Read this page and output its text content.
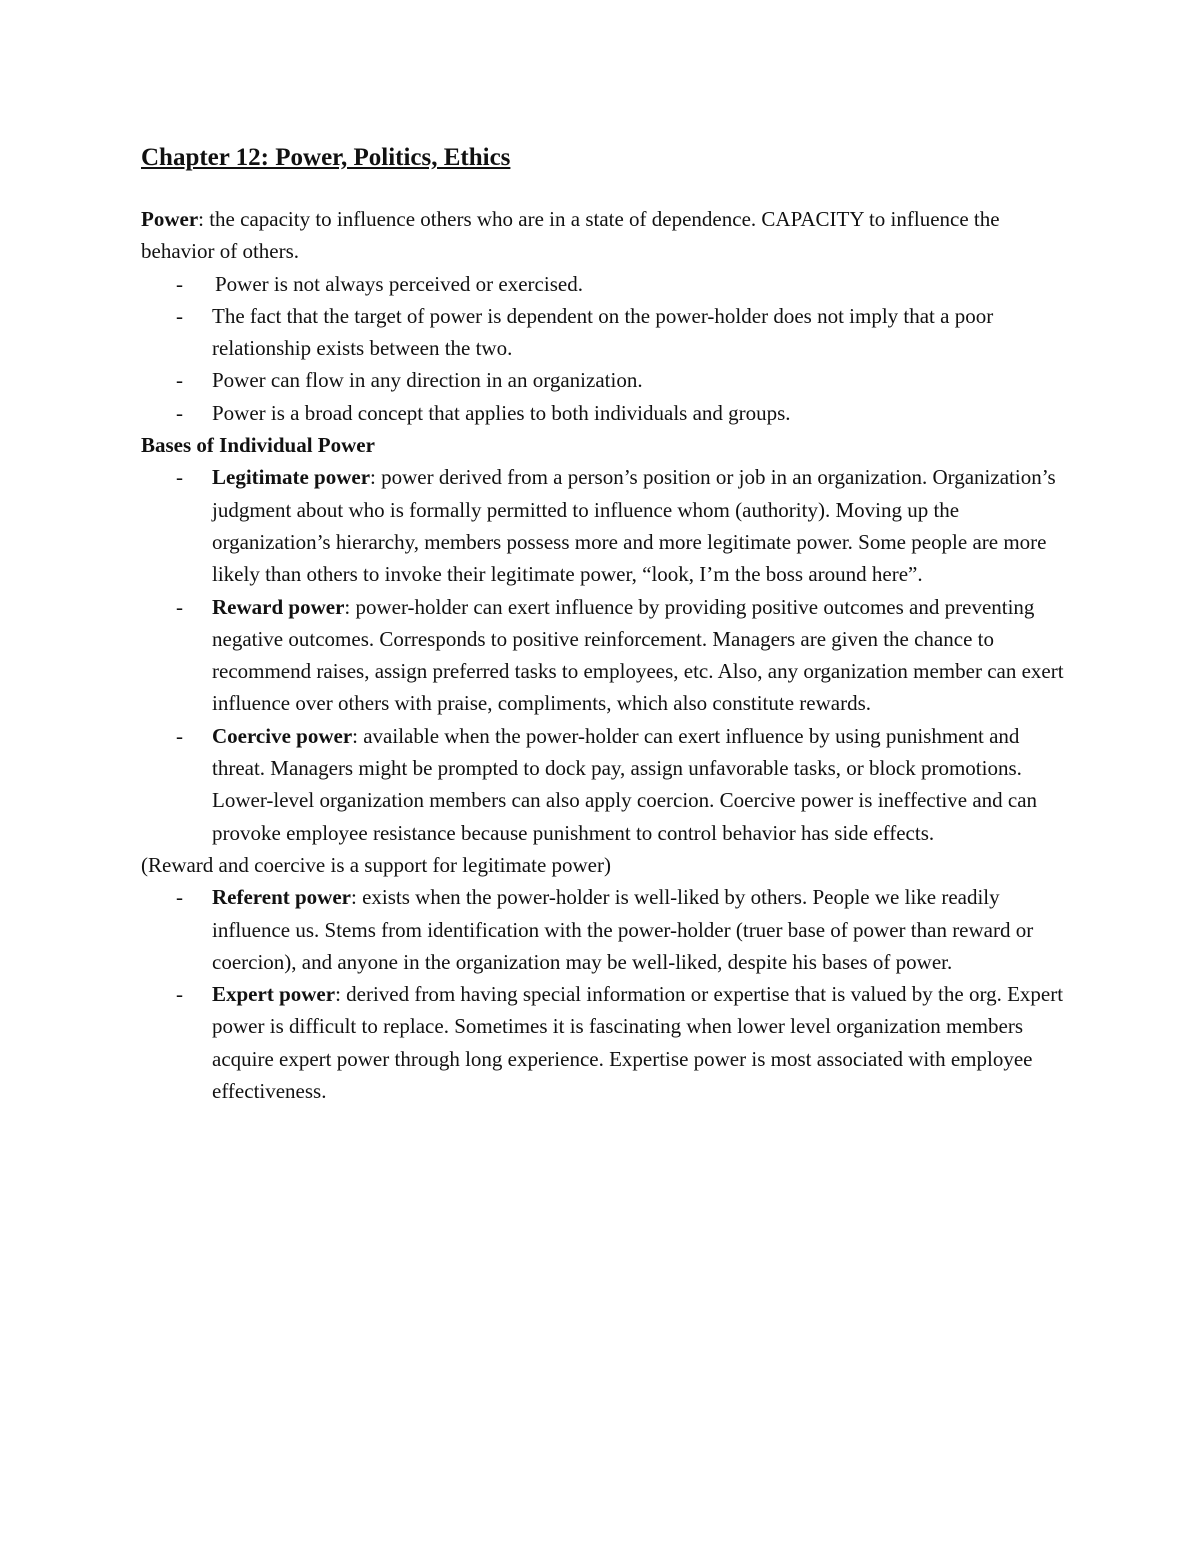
Chapter 12: Power, Politics, Ethics

Power: the capacity to influence others who are in a state of dependence. CAPACITY to influence the behavior of others.

- Power is not always perceived or exercised.
- The fact that the target of power is dependent on the power-holder does not imply that a poor relationship exists between the two.
- Power can flow in any direction in an organization.
- Power is a broad concept that applies to both individuals and groups.

Bases of Individual Power

- Legitimate power: power derived from a person’s position or job in an organization. Organization’s judgment about who is formally permitted to influence whom (authority). Moving up the organization’s hierarchy, members possess more and more legitimate power. Some people are more likely than others to invoke their legitimate power, “look, I’m the boss around here”.
- Reward power: power-holder can exert influence by providing positive outcomes and preventing negative outcomes. Corresponds to positive reinforcement. Managers are given the chance to recommend raises, assign preferred tasks to employees, etc. Also, any organization member can exert influence over others with praise, compliments, which also constitute rewards.
- Coercive power: available when the power-holder can exert influence by using punishment and threat. Managers might be prompted to dock pay, assign unfavorable tasks, or block promotions. Lower-level organization members can also apply coercion. Coercive power is ineffective and can provoke employee resistance because punishment to control behavior has side effects.

(Reward and coercive is a support for legitimate power)

- Referent power: exists when the power-holder is well-liked by others. People we like readily influence us. Stems from identification with the power-holder (truer base of power than reward or coercion), and anyone in the organization may be well-liked, despite his bases of power.
- Expert power: derived from having special information or expertise that is valued by the org. Expert power is difficult to replace. Sometimes it is fascinating when lower level organization members acquire expert power through long experience. Expertise power is most associated with employee effectiveness.
